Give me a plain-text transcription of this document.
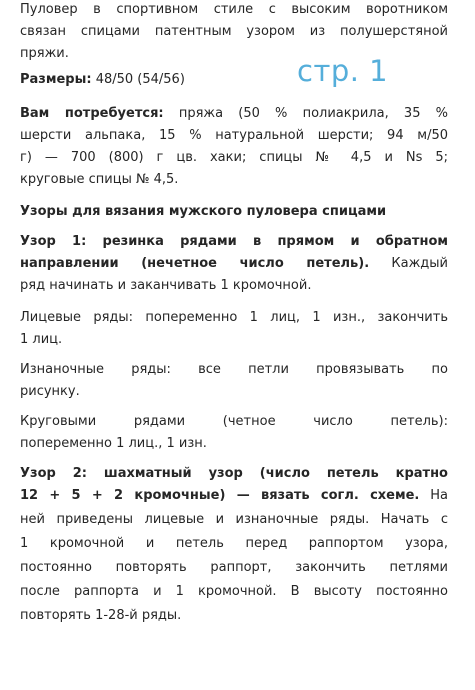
Пуловер в спортивном стиле с высоким воротником
связан спицами патентным узором из полушерстяной
пряжи.
Размеры: 48/50 (54/56)	стр. 1
Вам потребуется: пряжа (50 % полиакрила, 35 %
шерсти альпака, 15 % натуральной шерсти; 94 м/50
г) — 700 (800) г цв. хаки; спицы № 4,5 и Ns 5;
круговые спицы № 4,5.
Узоры для вязания мужского пуловера спицами
Узор 1: резинка рядами в прямом и обратном
направлении (нечетное число петель). Каждый
ряд начинать и заканчивать 1 кромочной.
Лицевые ряды: попеременно 1 лиц, 1 изн., закончить
1 лиц.
Изнаночные ряды: все петли провязывать по
рисунку.
Круговыми рядами (четное число петель):
попеременно 1 лиц., 1 изн.
Узор 2: шахматный узор (число петель кратно
12 + 5 + 2 кромочные) — вязать согл. схеме. На
ней приведены лицевые и изнаночные ряды. Начать с
1 кромочной и петель перед раппортом узора,
постоянно повторять раппорт, закончить петлями
после раппорта и 1 кромочной. В высоту постоянно
повторять 1-28-й ряды.
